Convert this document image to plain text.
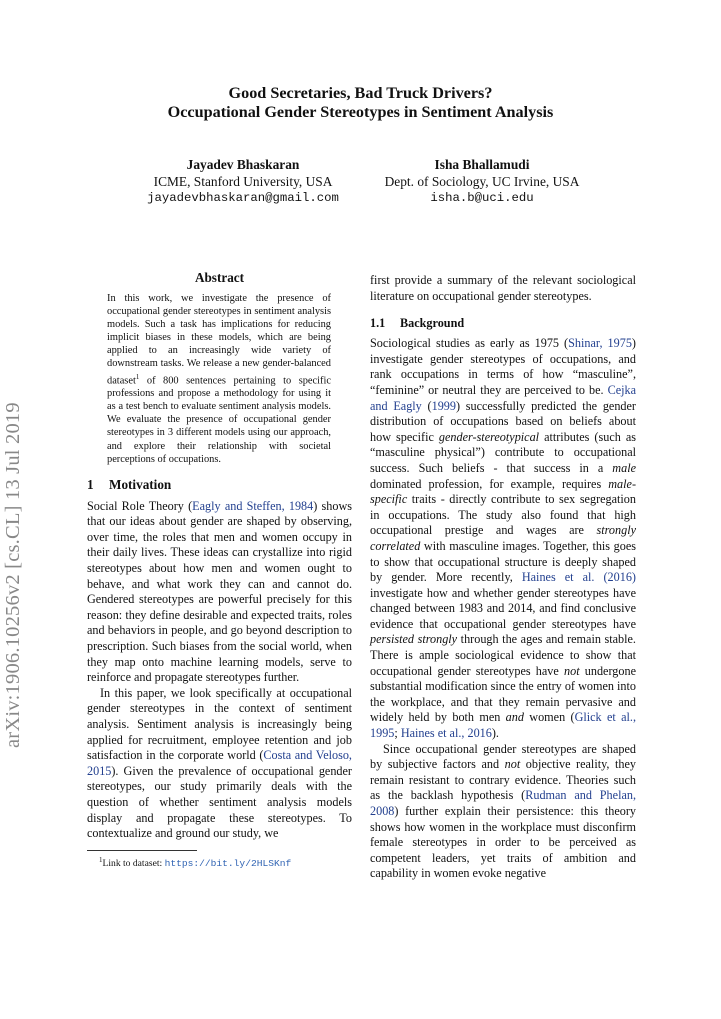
Good Secretaries, Bad Truck Drivers?
Occupational Gender Stereotypes in Sentiment Analysis
Jayadev Bhaskaran
ICME, Stanford University, USA
jayadevbhaskaran@gmail.com
Isha Bhallamudi
Dept. of Sociology, UC Irvine, USA
isha.b@uci.edu
arXiv:1906.10256v2 [cs.CL] 13 Jul 2019
Abstract
In this work, we investigate the presence of occupational gender stereotypes in sentiment analysis models. Such a task has implications for reducing implicit biases in these models, which are being applied to an increasingly wide variety of downstream tasks. We release a new gender-balanced dataset$^1$ of 800 sentences pertaining to specific professions and propose a methodology for using it as a test bench to evaluate sentiment analysis models. We evaluate the presence of occupational gender stereotypes in 3 different models using our approach, and explore their relationship with societal perceptions of occupations.
1 Motivation

Social Role Theory (Eagly and Steffen, 1984) shows that our ideas about gender are shaped by observing, over time, the roles that men and women occupy in their daily lives. These ideas can crystallize into rigid stereotypes about how men and women ought to behave, and what work they can and cannot do. Gendered stereotypes are powerful precisely for this reason: they define desirable and expected traits, roles and behaviors in people, and go beyond description to prescription. Such biases from the social world, when they map onto machine learning models, serve to reinforce and propagate stereotypes further.

In this paper, we look specifically at occupational gender stereotypes in the context of sentiment analysis. Sentiment analysis is increasingly being applied for recruitment, employee retention and job satisfaction in the corporate world (Costa and Veloso, 2015). Given the prevalence of occupational gender stereotypes, our study primarily deals with the question of whether sentiment analysis models display and propagate these stereotypes. To contextualize and ground our study, we

$^1$Link to dataset: https://bit.ly/2HLSKnf

first provide a summary of the relevant sociological literature on occupational gender stereotypes.

1.1 Background

Sociological studies as early as 1975 (Shinar, 1975) investigate gender stereotypes of occupations, and rank occupations in terms of how “masculine”, “feminine” or neutral they are perceived to be. Cejka and Eagly (1999) successfully predicted the gender distribution of occupations based on beliefs about how specific gender-stereotypical attributes (such as “masculine physical”) contribute to occupational success. Such beliefs - that success in a male dominated profession, for example, requires male-specific traits - directly contribute to sex segregation in occupations. The study also found that high occupational prestige and wages are strongly correlated with masculine images. Together, this goes to show that occupational structure is deeply shaped by gender. More recently, Haines et al. (2016) investigate how and whether gender stereotypes have changed between 1983 and 2014, and find conclusive evidence that occupational gender stereotypes have persisted strongly through the ages and remain stable. There is ample sociological evidence to show that occupational gender stereotypes have not undergone substantial modification since the entry of women into the workplace, and that they remain pervasive and widely held by both men and women (Glick et al., 1995; Haines et al., 2016).

Since occupational gender stereotypes are shaped by subjective factors and not objective reality, they remain resistant to contrary evidence. Theories such as the backlash hypothesis (Rudman and Phelan, 2008) further explain their persistence: this theory shows how women in the workplace must disconfirm female stereotypes in order to be perceived as competent leaders, yet traits of ambition and capability in women evoke negative
